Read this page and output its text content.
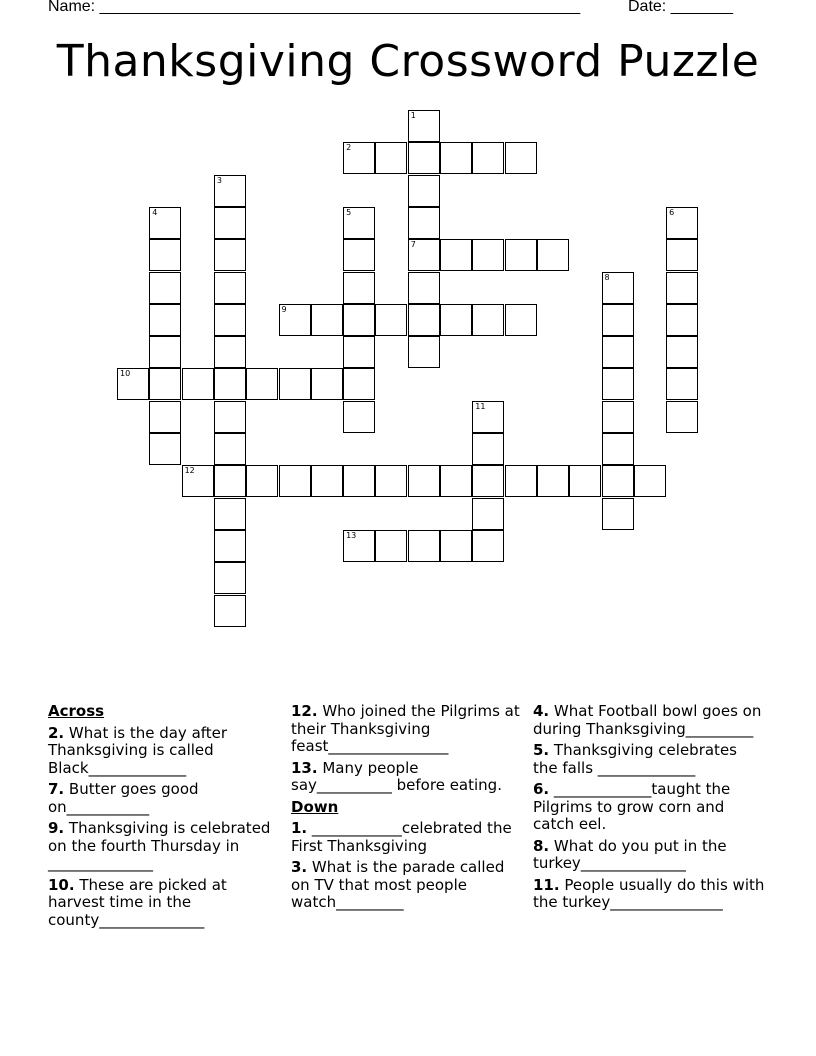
Name: ______________________________________________________	Date: _______
Thanksgiving Crossword Puzzle
1
7
2
3
4	5	6
8
9
10
11
12
13
Across
2. What is the day after Thanksgiving is called Black_____________
7. Butter goes good on___________
9. Thanksgiving is celebrated on the fourth Thursday in ______________
10. These are picked at harvest time in the county______________
12. Who joined the Pilgrims at their Thanksgiving feast________________
13. Many people say__________ before eating.
Down
1. ____________celebrated the First Thanksgiving
3. What is the parade called on TV that most people watch_________
4. What Football bowl goes on during Thanksgiving_________
5. Thanksgiving celebrates the falls _____________
6. _____________taught the Pilgrims to grow corn and catch eel.
8. What do you put in the turkey______________
11. People usually do this with the turkey_______________
